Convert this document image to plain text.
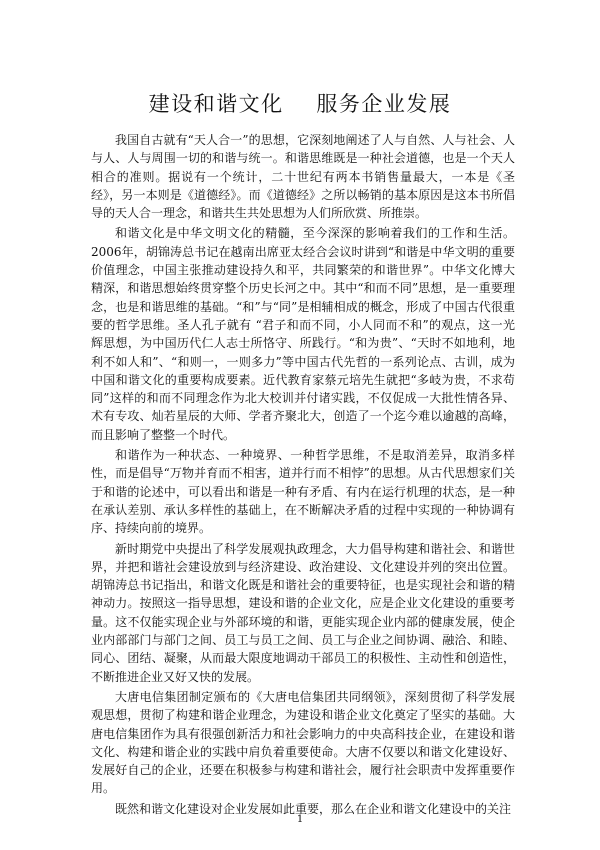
建设和谐文化    服务企业发展

我国自古就有“天人合一”的思想，它深刻地阐述了人与自然、人与社会、人与人、人与周围一切的和谐与统一。和谐思维既是一种社会道德，也是一个天人相合的准则。据说有一个统计，二十世纪有两本书销售量最大，一本是《圣经》，另一本则是《道德经》。而《道德经》之所以畅销的基本原因是这本书所倡导的天人合一理念，和谐共生共处思想为人们所欣赏、所推崇。

和谐文化是中华文明文化的精髓，至今深深的影响着我们的工作和生活。2006年，胡锦涛总书记在越南出席亚太经合会议时讲到“和谐是中华文明的重要价值理念，中国主张推动建设持久和平，共同繁荣的和谐世界”。中华文化博大精深，和谐思想始终贯穿整个历史长河之中。其中“和而不同”思想，是一重要理念，也是和谐思维的基础。“和”与“同”是相辅相成的概念，形成了中国古代很重要的哲学思维。圣人孔子就有 “君子和而不同，小人同而不和”的观点，这一光辉思想，为中国历代仁人志士所恪守、所践行。“和为贵”、“天时不如地利，地利不如人和”、“和则一，一则多力”等中国古代先哲的一系列论点、古训，成为中国和谐文化的重要构成要素。近代教育家蔡元培先生就把“多岐为贵，不求苟同”这样的和而不同理念作为北大校训并付诸实践，不仅促成一大批性情各异、术有专攻、灿若星辰的大师、学者齐聚北大，创造了一个迄今难以逾越的高峰，而且影响了整整一个时代。

和谐作为一种状态、一种境界、一种哲学思维，不是取消差异，取消多样性，而是倡导“万物并育而不相害，道并行而不相悖”的思想。从古代思想家们关于和谐的论述中，可以看出和谐是一种有矛盾、有内在运行机理的状态，是一种在承认差别、承认多样性的基础上，在不断解决矛盾的过程中实现的一种协调有序、持续向前的境界。

新时期党中央提出了科学发展观执政理念，大力倡导构建和谐社会、和谐世界，并把和谐社会建设放到与经济建设、政治建设、文化建设并列的突出位置。胡锦涛总书记指出，和谐文化既是和谐社会的重要特征，也是实现社会和谐的精神动力。按照这一指导思想，建设和谐的企业文化，应是企业文化建设的重要考量。这不仅能实现企业与外部环境的和谐，更能实现企业内部的健康发展，使企业内部部门与部门之间、员工与员工之间、员工与企业之间协调、融洽、和睦、同心、团结、凝聚，从而最大限度地调动干部员工的积极性、主动性和创造性，不断推进企业又好又快的发展。

大唐电信集团制定颁布的《大唐电信集团共同纲领》，深刻贯彻了科学发展观思想，贯彻了构建和谐企业理念，为建设和谐企业文化奠定了坚实的基础。大唐电信集团作为具有很强创新活力和社会影响力的中央高科技企业，在建设和谐文化、构建和谐企业的实践中肩负着重要使命。大唐不仅要以和谐文化建设好、发展好自己的企业，还要在积极参与构建和谐社会，履行社会职责中发挥重要作用。

既然和谐文化建设对企业发展如此重要，那么在企业和谐文化建设中的关注

1
